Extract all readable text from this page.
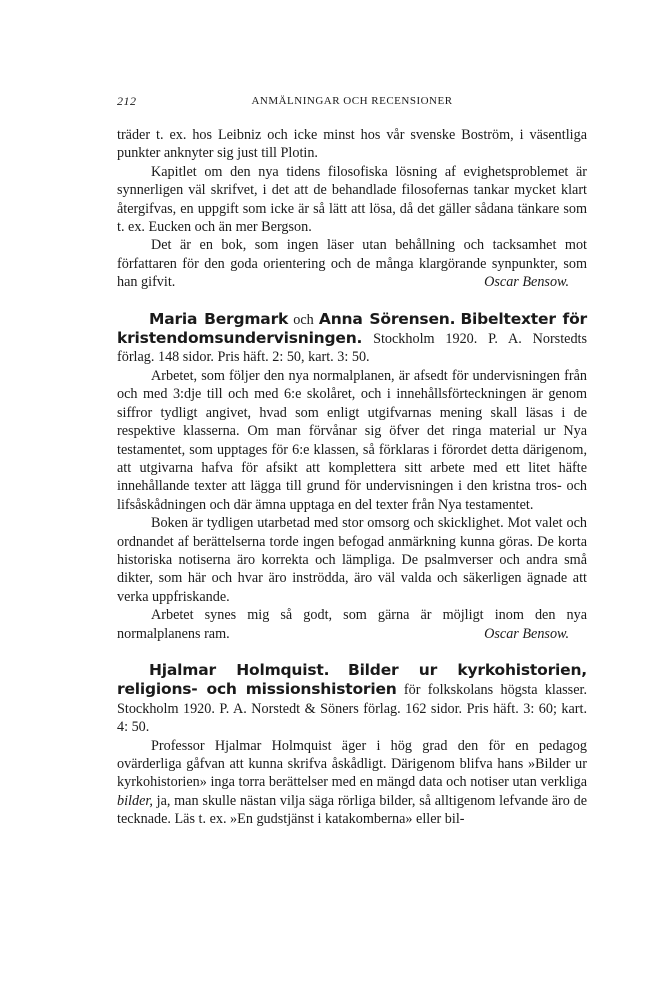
212	ANMÄLNINGAR OCH RECENSIONER

träder t. ex. hos Leibniz och icke minst hos vår svenske Boström, i väsentliga punkter anknyter sig just till Plotin.

Kapitlet om den nya tidens filosofiska lösning af evighetsproblemet är synnerligen väl skrifvet, i det att de behandlade filosofernas tankar mycket klart återgifvas, en uppgift som icke är så lätt att lösa, då det gäller sådana tänkare som t. ex. Eucken och än mer Bergson.

Det är en bok, som ingen läser utan behållning och tacksamhet mot författaren för den goda orientering och de många klargörande synpunkter, som han gifvit.	Oscar Bensow.

Maria Bergmark och Anna Sörensen. Bibeltexter för kristendomsundervisningen. Stockholm 1920. P. A. Norstedts förlag. 148 sidor. Pris häft. 2: 50, kart. 3: 50.

Arbetet, som följer den nya normalplanen, är afsedt för undervisningen från och med 3:dje till och med 6:e skolåret, och i innehållsförteckningen är genom siffror tydligt angivet, hvad som enligt utgifvarnas mening skall läsas i de respektive klasserna. Om man förvånar sig öfver det ringa material ur Nya testamentet, som upptages för 6:e klassen, så förklaras i förordet detta därigenom, att utgivarna hafva för afsikt att komplettera sitt arbete med ett litet häfte innehållande texter att lägga till grund för undervisningen i den kristna tros- och lifsåskådningen och där ämna upptaga en del texter från Nya testamentet.

Boken är tydligen utarbetad med stor omsorg och skicklighet. Mot valet och ordnandet af berättelserna torde ingen befogad anmärkning kunna göras. De korta historiska notiserna äro korrekta och lämpliga. De psalmverser och andra små dikter, som här och hvar äro inströdda, äro väl valda och säkerligen ägnade att verka uppfriskande.

Arbetet synes mig så godt, som gärna är möjligt inom den nya normalplanens ram.	Oscar Bensow.

Hjalmar Holmquist. Bilder ur kyrkohistorien, religions- och missionshistorien för folkskolans högsta klasser. Stockholm 1920. P. A. Norstedt & Söners förlag. 162 sidor. Pris häft. 3: 60; kart. 4: 50.

Professor Hjalmar Holmquist äger i hög grad den för en pedagog ovärderliga gåfvan att kunna skrifva åskådligt. Därigenom blifva hans »Bilder ur kyrkohistorien» inga torra berättelser med en mängd data och notiser utan verkliga bilder, ja, man skulle nästan vilja säga rörliga bilder, så alltigenom lefvande äro de tecknade. Läs t. ex. »En gudstjänst i katakomberna» eller bil-
